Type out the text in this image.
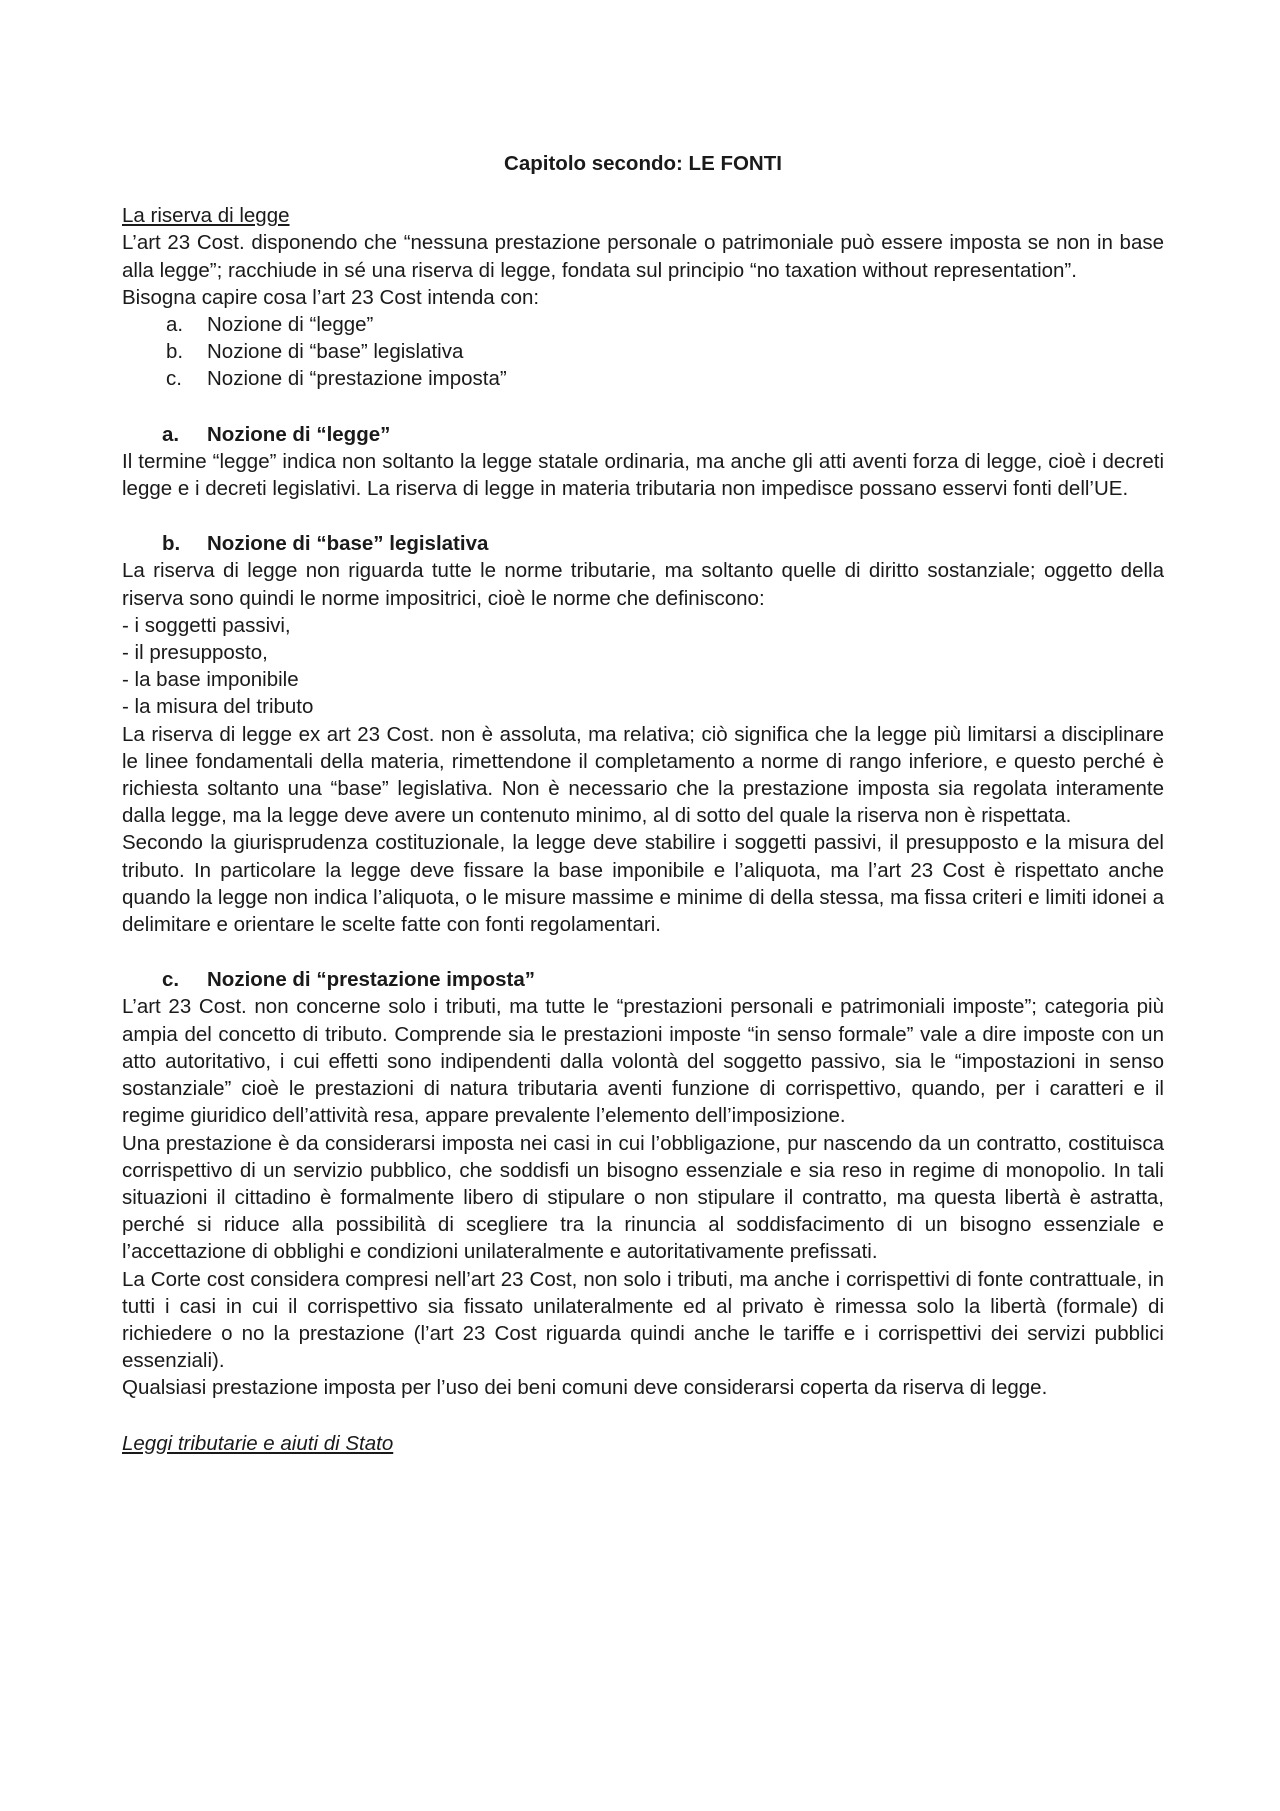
Capitolo secondo: LE FONTI
La riserva di legge

L’art 23 Cost. disponendo che “nessuna prestazione personale o patrimoniale può essere imposta se non in base alla legge”; racchiude in sé una riserva di legge, fondata sul principio “no taxation without representation”.

Bisogna capire cosa l’art 23 Cost intenda con:

a.	Nozione di “legge”
b.	Nozione di “base” legislativa
c.	Nozione di “prestazione imposta”
a.	Nozione di “legge”

Il termine “legge” indica non soltanto la legge statale ordinaria, ma anche gli atti aventi forza di legge, cioè i decreti legge e i decreti legislativi. La riserva di legge in materia tributaria non impedisce possano esservi fonti dell’UE.

b.	Nozione di “base” legislativa

La riserva di legge non riguarda tutte le norme tributarie, ma soltanto quelle di diritto sostanziale; oggetto della riserva sono quindi le norme impositrici, cioè le norme che definiscono:

- i soggetti passivi,

- il presupposto,

- la base imponibile

- la misura del tributo

La riserva di legge ex art 23 Cost. non è assoluta, ma relativa; ciò significa che la legge più limitarsi a disciplinare le linee fondamentali della materia, rimettendone il completamento a norme di rango inferiore, e questo perché è richiesta soltanto una “base” legislativa. Non è necessario che la prestazione imposta sia regolata interamente dalla legge, ma la legge deve avere un contenuto minimo, al di sotto del quale la riserva non è rispettata.

Secondo la giurisprudenza costituzionale, la legge deve stabilire i soggetti passivi, il presupposto e la misura del tributo. In particolare la legge deve fissare la base imponibile e l’aliquota, ma l’art 23 Cost è rispettato anche quando la legge non indica l’aliquota, o le misure massime e minime di della stessa, ma fissa criteri e limiti idonei a delimitare e orientare le scelte fatte con fonti regolamentari.

c.	Nozione di “prestazione imposta”

L’art 23 Cost. non concerne solo i tributi, ma tutte le “prestazioni personali e patrimoniali imposte”; categoria più ampia del concetto di tributo. Comprende sia le prestazioni imposte “in senso formale” vale a dire imposte con un atto autoritativo, i cui effetti sono indipendenti dalla volontà del soggetto passivo, sia le “impostazioni in senso sostanziale” cioè le prestazioni di natura tributaria aventi funzione di corrispettivo, quando, per i caratteri e il regime giuridico dell’attività resa, appare prevalente l’elemento dell’imposizione.

Una prestazione è da considerarsi imposta nei casi in cui l’obbligazione, pur nascendo da un contratto, costituisca corrispettivo di un servizio pubblico, che soddisfi un bisogno essenziale e sia reso in regime di monopolio. In tali situazioni il cittadino è formalmente libero di stipulare o non stipulare il contratto, ma questa libertà è astratta, perché si riduce alla possibilità di scegliere tra la rinuncia al soddisfacimento di un bisogno essenziale e l’accettazione di obblighi e condizioni unilateralmente e autoritativamente prefissati.

La Corte cost considera compresi nell’art 23 Cost, non solo i tributi, ma anche i corrispettivi di fonte contrattuale, in tutti i casi in cui il corrispettivo sia fissato unilateralmente ed al privato è rimessa solo la libertà (formale) di richiedere o no la prestazione (l’art 23 Cost riguarda quindi anche le tariffe e i corrispettivi dei servizi pubblici essenziali).

Qualsiasi prestazione imposta per l’uso dei beni comuni deve considerarsi coperta da riserva di legge.

Leggi tributarie e aiuti di Stato
